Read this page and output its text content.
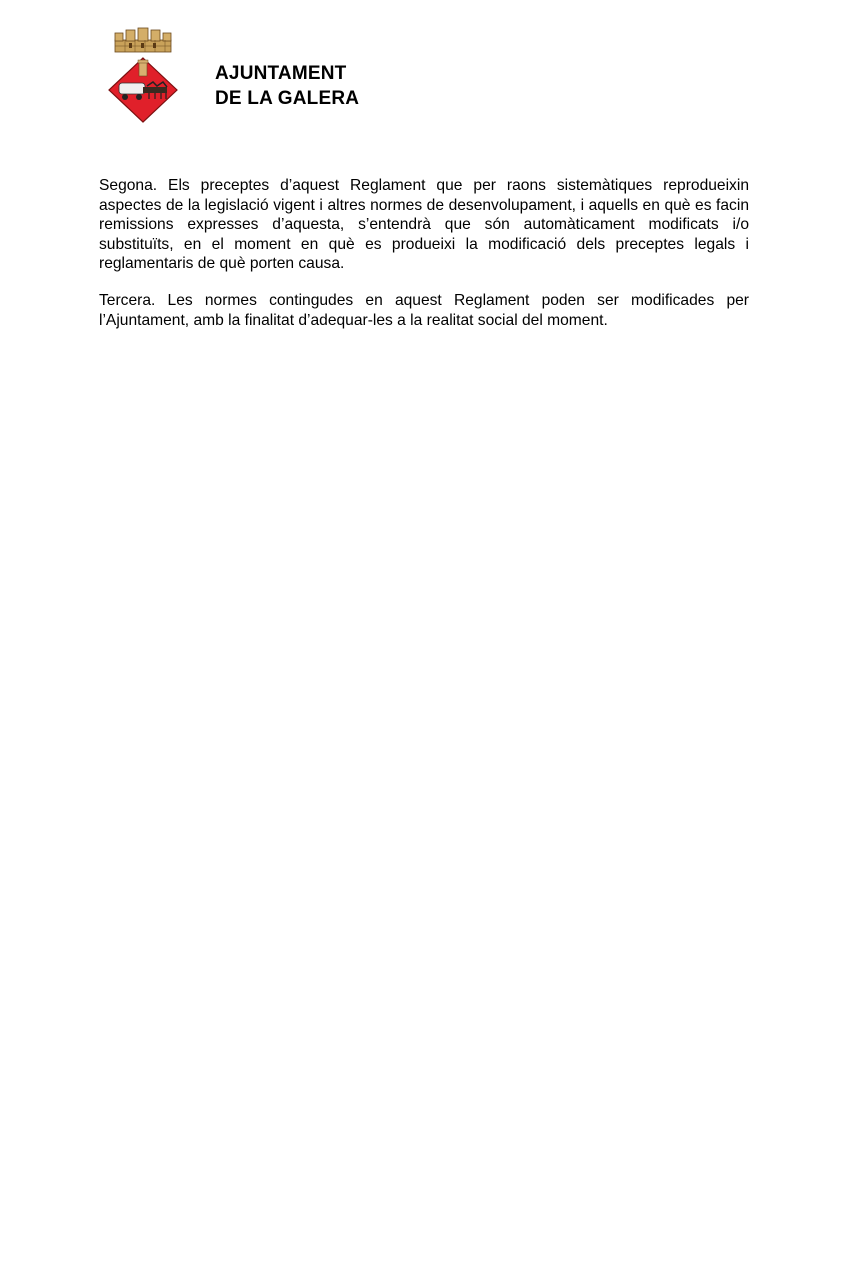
AJUNTAMENT
DE LA GALERA

Segona. Els preceptes d’aquest Reglament que per raons sistemàtiques reprodueixin aspectes de la legislació vigent i altres normes de desenvolupament, i aquells en què es facin remissions expresses d’aquesta, s’entendrà que són automàticament modificats i/o substituïts, en el moment en què es produeixi la modificació dels preceptes legals i reglamentaris de què porten causa.

Tercera. Les normes contingudes en aquest Reglament poden ser modificades per l’Ajuntament, amb la finalitat d’adequar-les a la realitat social del moment.
